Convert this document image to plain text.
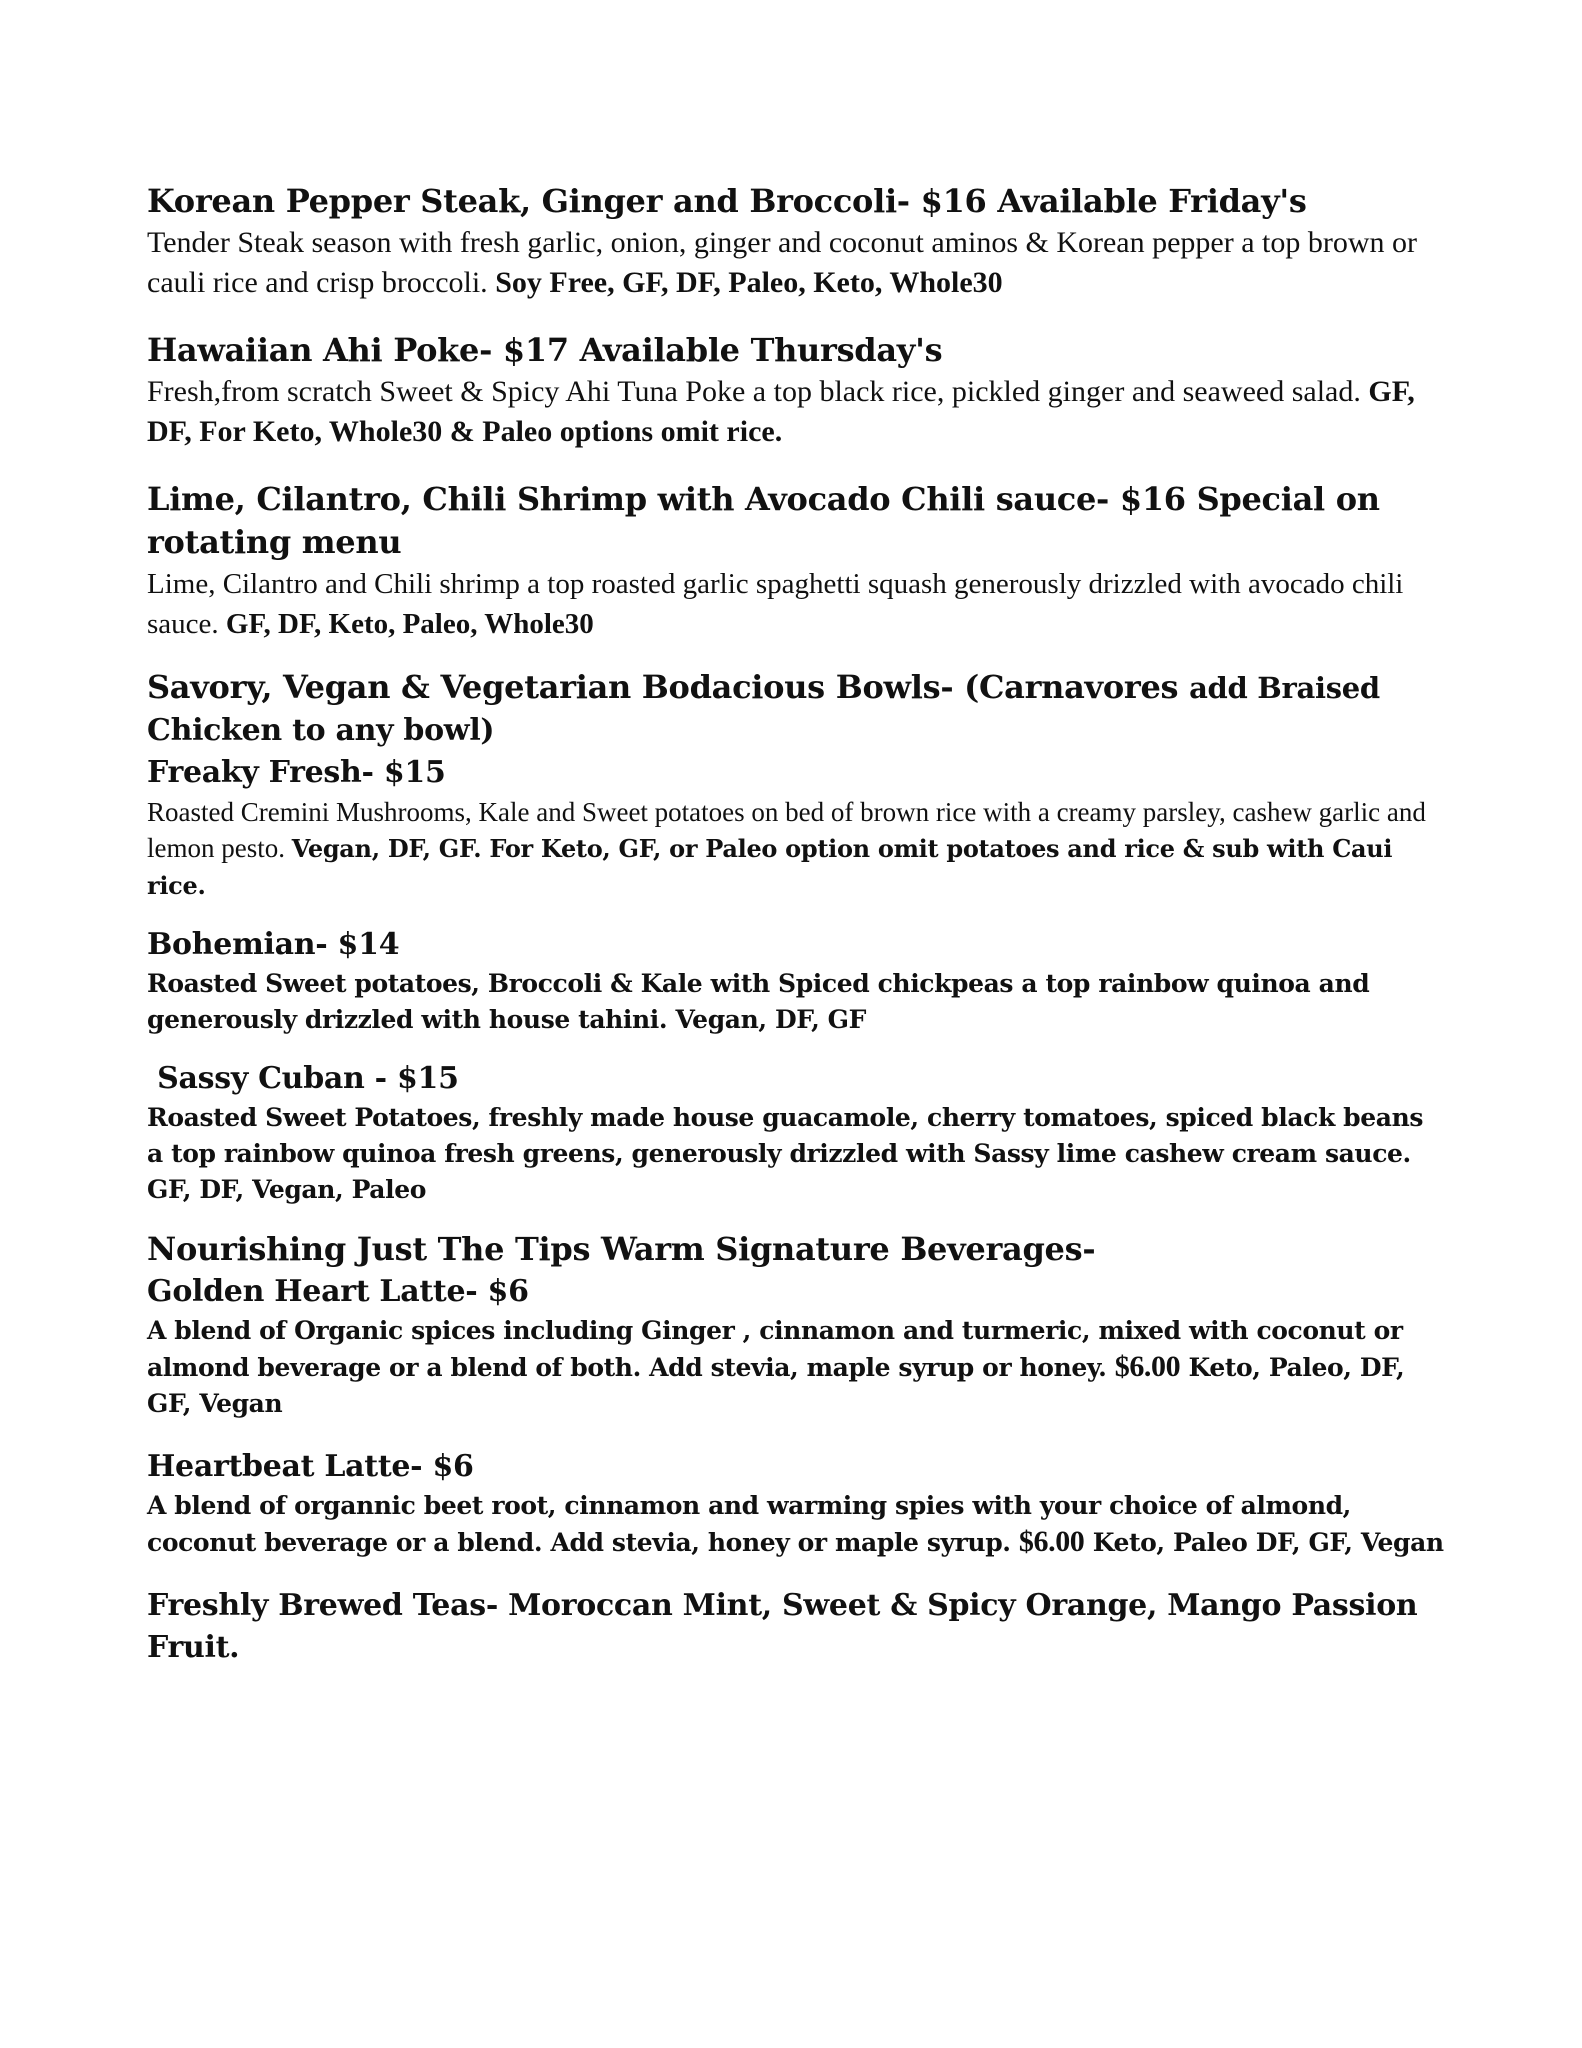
Korean Pepper Steak, Ginger and Broccoli- $16 Available Friday's

Tender Steak season with fresh garlic, onion, ginger and coconut aminos & Korean pepper a top brown or cauli rice and crisp broccoli. Soy Free, GF, DF, Paleo, Keto, Whole30

Hawaiian Ahi Poke- $17 Available Thursday's

Fresh,from scratch Sweet & Spicy Ahi Tuna Poke a top black rice, pickled ginger and seaweed salad. GF, DF, For Keto, Whole30 & Paleo options omit rice.

Lime, Cilantro, Chili Shrimp with Avocado Chili sauce- $16 Special on rotating menu

Lime, Cilantro and Chili shrimp a top roasted garlic spaghetti squash generously drizzled with avocado chili sauce. GF, DF, Keto, Paleo, Whole30

Savory, Vegan & Vegetarian Bodacious Bowls- (Carnavores add Braised

Chicken to any bowl)

Freaky Fresh- $15

Roasted Cremini Mushrooms, Kale and Sweet potatoes on bed of brown rice with a creamy parsley, cashew garlic and lemon pesto. Vegan, DF, GF. For Keto, GF, or Paleo option omit potatoes and rice & sub with Caui rice.

Bohemian- $14

Roasted Sweet potatoes, Broccoli & Kale with Spiced chickpeas a top rainbow quinoa and generously drizzled with house tahini. Vegan, DF, GF

Sassy Cuban - $15

Roasted Sweet Potatoes, freshly made house guacamole, cherry tomatoes, spiced black beans a top rainbow quinoa fresh greens, generously drizzled with Sassy lime cashew cream sauce. GF, DF, Vegan, Paleo

Nourishing Just The Tips Warm Signature Beverages-

Golden Heart Latte- $6

A blend of Organic spices including Ginger , cinnamon and turmeric, mixed with coconut or almond beverage or a blend of both. Add stevia, maple syrup or honey. $6.00 Keto, Paleo, DF, GF, Vegan

Heartbeat Latte- $6

A blend of organnic beet root, cinnamon and warming spies with your choice of almond, coconut beverage or a blend. Add stevia, honey or maple syrup. $6.00 Keto, Paleo DF, GF, Vegan

Freshly Brewed Teas- Moroccan Mint, Sweet & Spicy Orange, Mango Passion Fruit.
